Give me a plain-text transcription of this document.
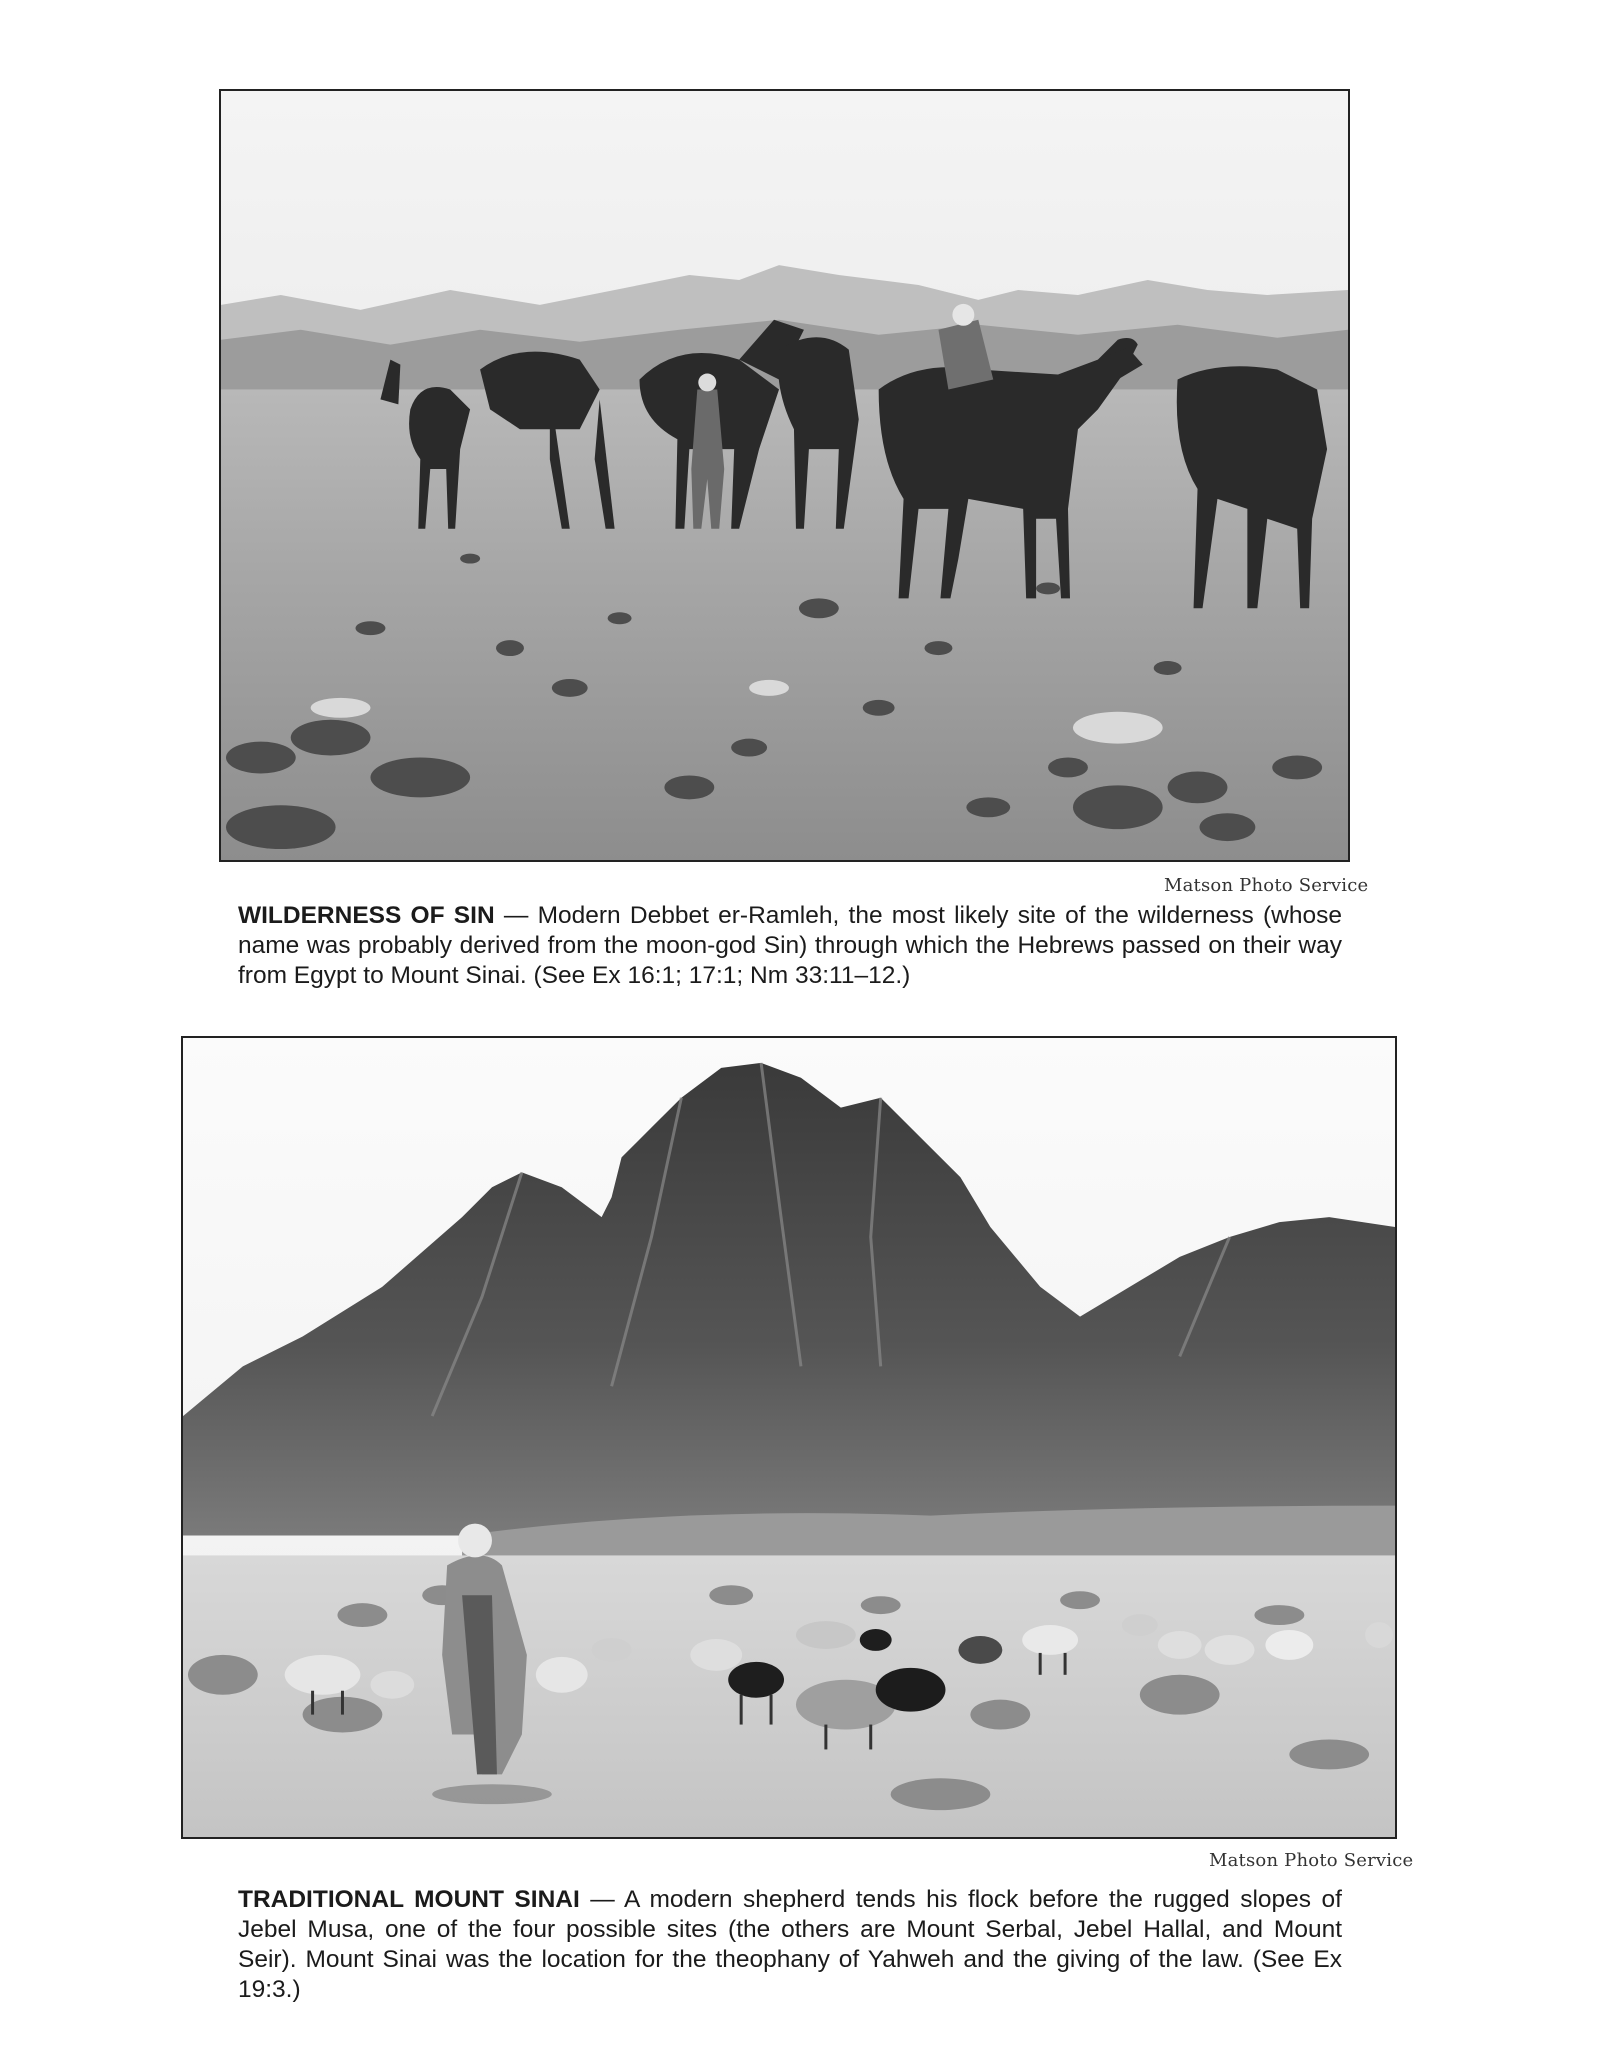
Matson Photo Service
WILDERNESS OF SIN — Modern Debbet er-Ramleh, the most likely site of the wilderness (whose name was probably derived from the moon-god Sin) through which the Hebrews passed on their way from Egypt to Mount Sinai. (See Ex 16:1; 17:1; Nm 33:11–12.)
Matson Photo Service
TRADITIONAL MOUNT SINAI — A modern shepherd tends his flock before the rugged slopes of Jebel Musa, one of the four possible sites (the others are Mount Serbal, Jebel Hallal, and Mount Seir). Mount Sinai was the location for the theophany of Yahweh and the giving of the law. (See Ex 19:3.)
